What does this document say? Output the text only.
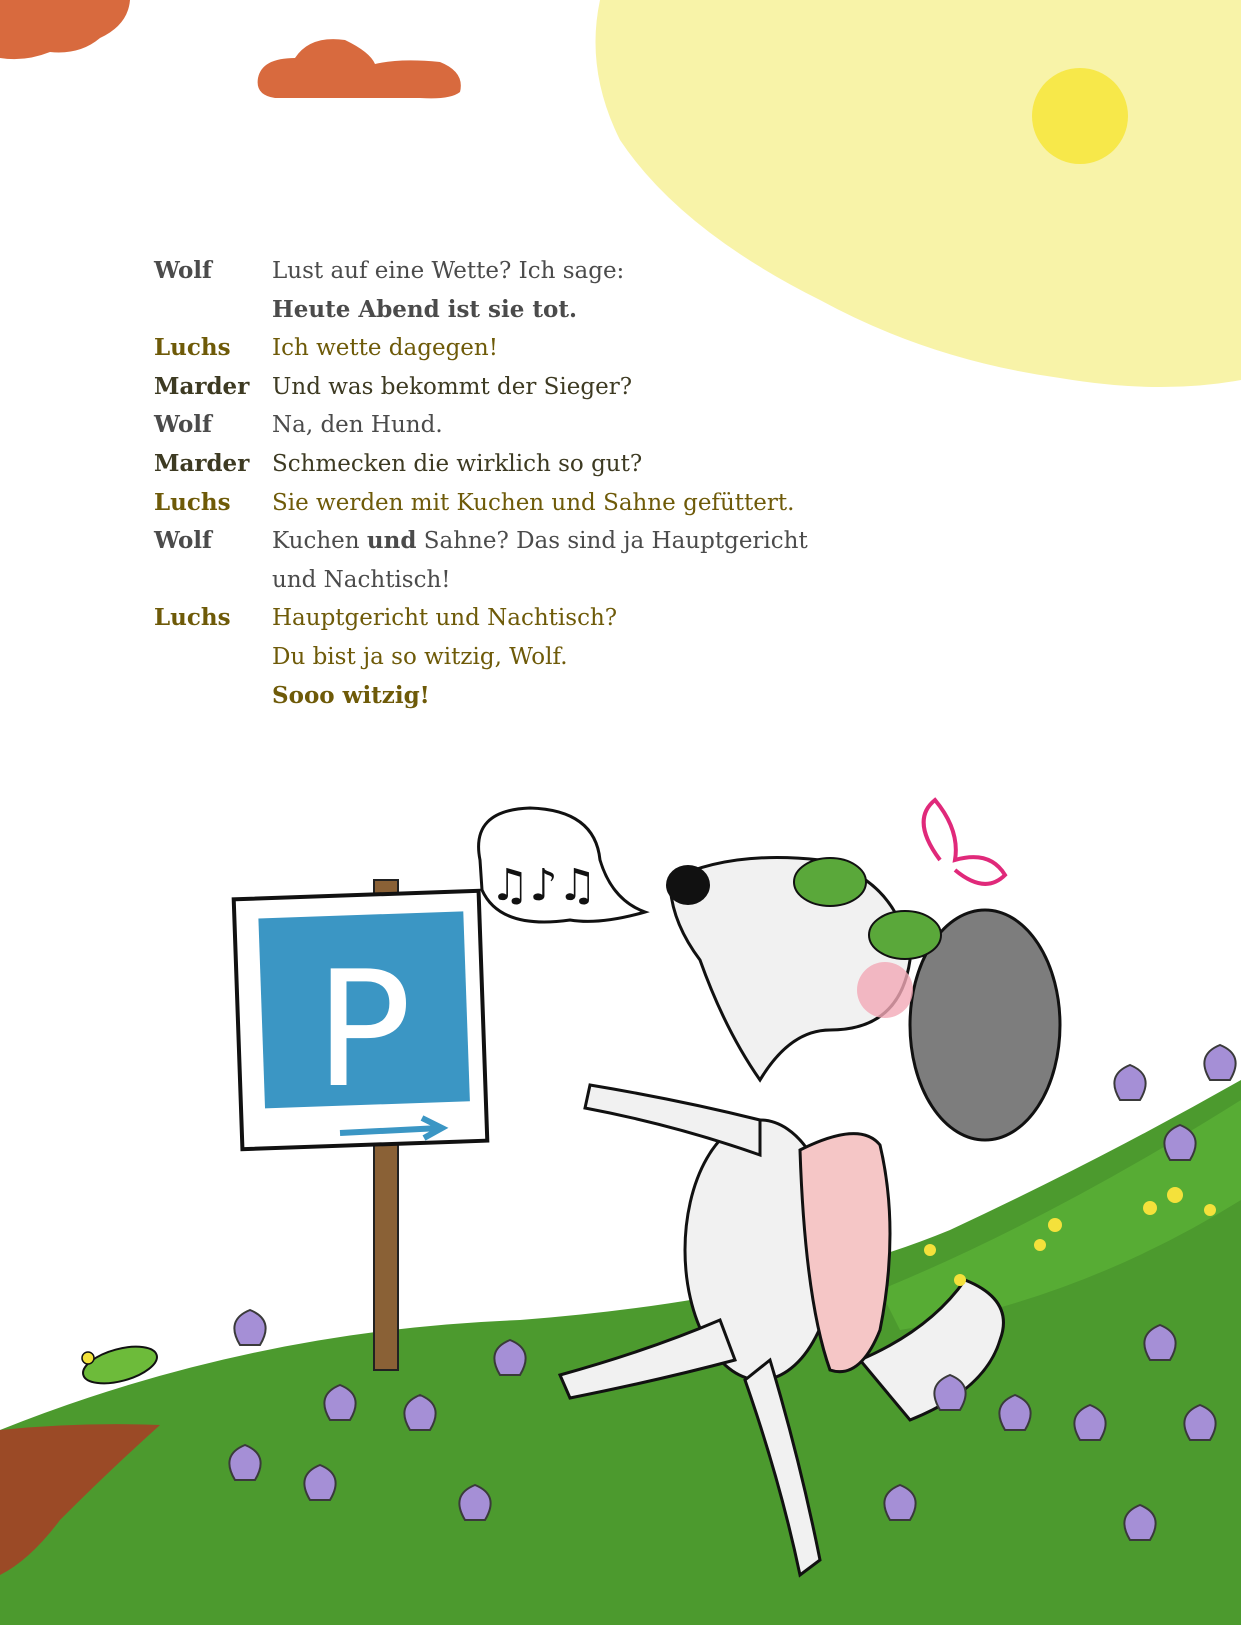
P
♫♪♫
Wolf	Lust auf eine Wette? Ich sage:
Heute Abend ist sie tot.
Luchs	Ich wette dagegen!
Marder Und was bekommt der Sieger?
Wolf	Na, den Hund.
Marder Schmecken die wirklich so gut?
Luchs	Sie werden mit Kuchen und Sahne gefüttert.
Wolf	Kuchen und Sahne? Das sind ja Hauptgericht
und Nachtisch!
Luchs	Hauptgericht und Nachtisch?
Du bist ja so witzig, Wolf.
Sooo witzig!
